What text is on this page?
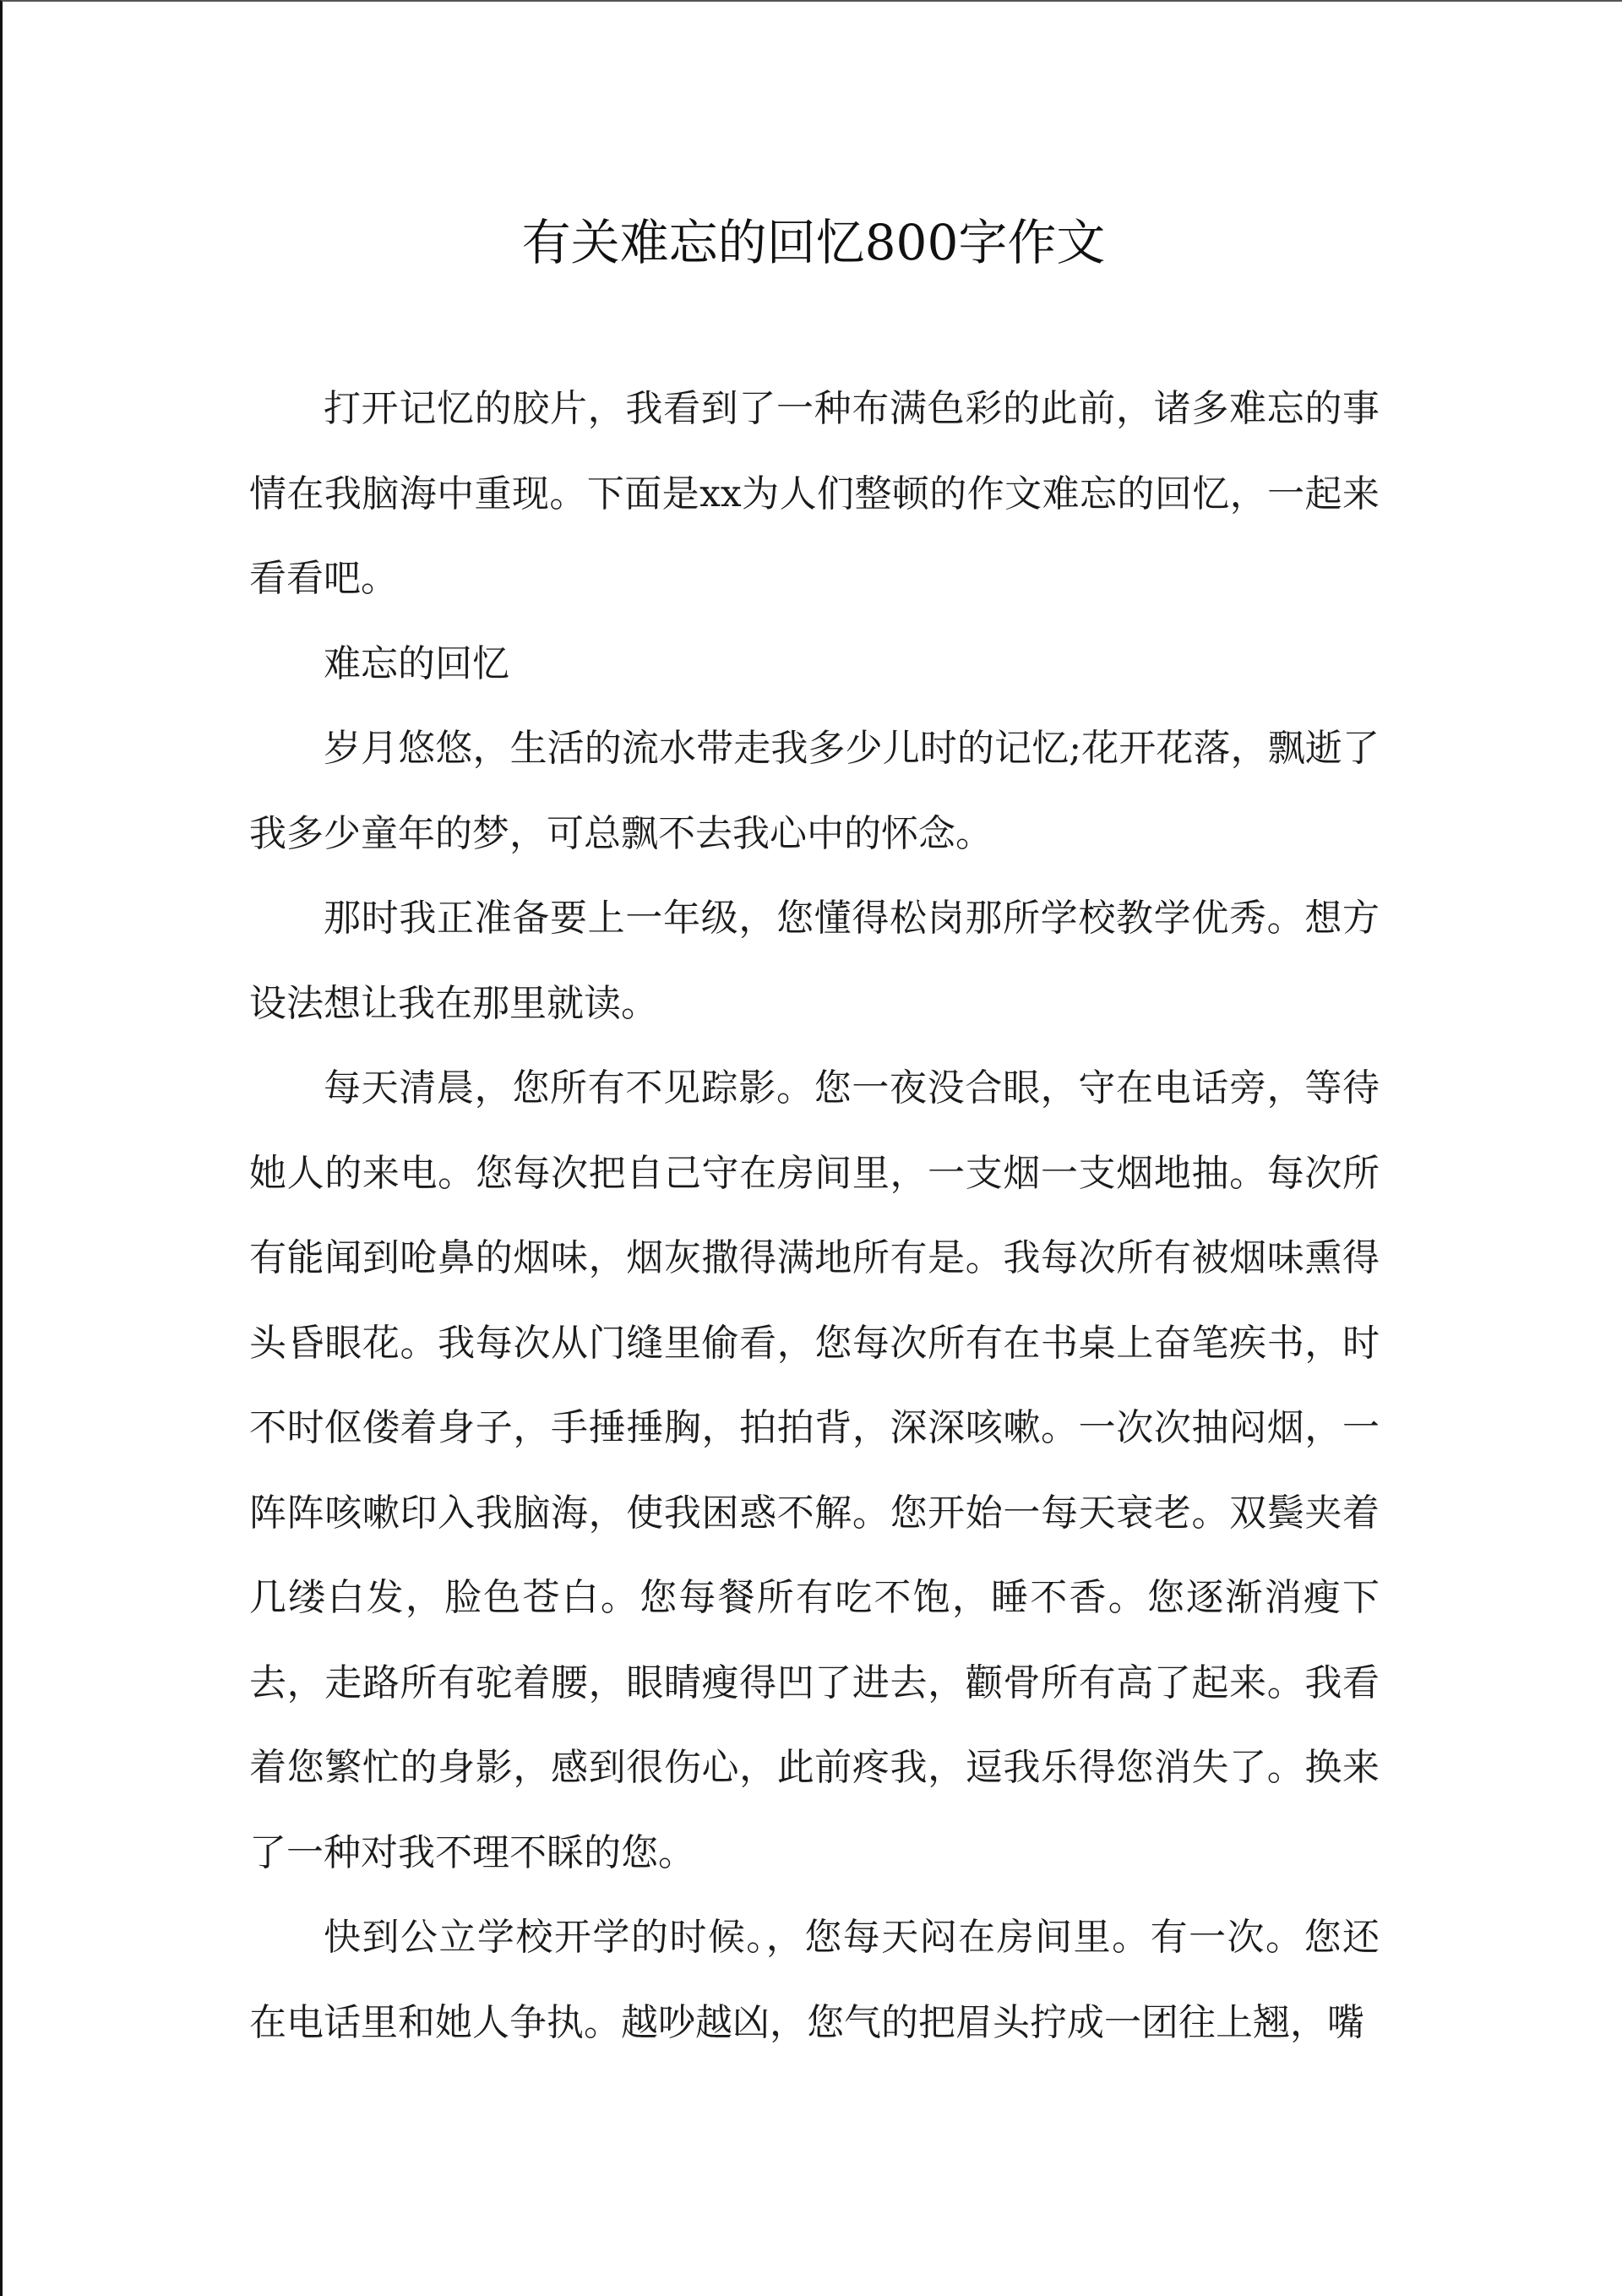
有关难忘的回忆800字作文

打开记忆的胶片，我看到了一种布满色彩的此前，诸多难忘的事情在我脑海中重现。下面是xx为人们整顿的作文难忘的回忆，一起来看看吧。

难忘的回忆

岁月悠悠，生活的流水带走我多少儿时的记忆;花开花落，飘逝了我多少童年的梦，可总飘不去我心中的怀念。

那时我正准备要上一年级，您懂得松岗那所学校教学优秀。想方设法想让我在那里就读。

每天清晨，您所有不见踪影。您一夜没合眼，守在电话旁，等待她人的来电。您每次把自己守在房间里，一支烟一支烟地抽。每次所有能闻到呛鼻的烟味，烟灰撒得满地所有是。我每次所有被烟味熏得头昏眼花。我每次从门缝里偷看，您每次所有在书桌上奋笔疾书，时不时伛偻着身子，手捶捶胸，拍拍背，深深咳嗽。一次次抽闷烟，一阵阵咳嗽印入我脑海，使我困惑不解。您开始一每天衰老。双鬓夹着几缕白发，脸色苍白。您每餐所有吃不饱，睡不香。您逐渐消瘦下去，走路所有驼着腰，眼睛瘦得凹了进去，颧骨所有高了起来。我看着您繁忙的身影，感到很伤心，此前疼我，逗我乐得您消失了。换来了一种对我不理不睬的您。

快到公立学校开学的时候。，您每天闷在房间里。有一次。您还在电话里和她人争执。越吵越凶，您气的把眉头拧成一团往上翘，嘴
